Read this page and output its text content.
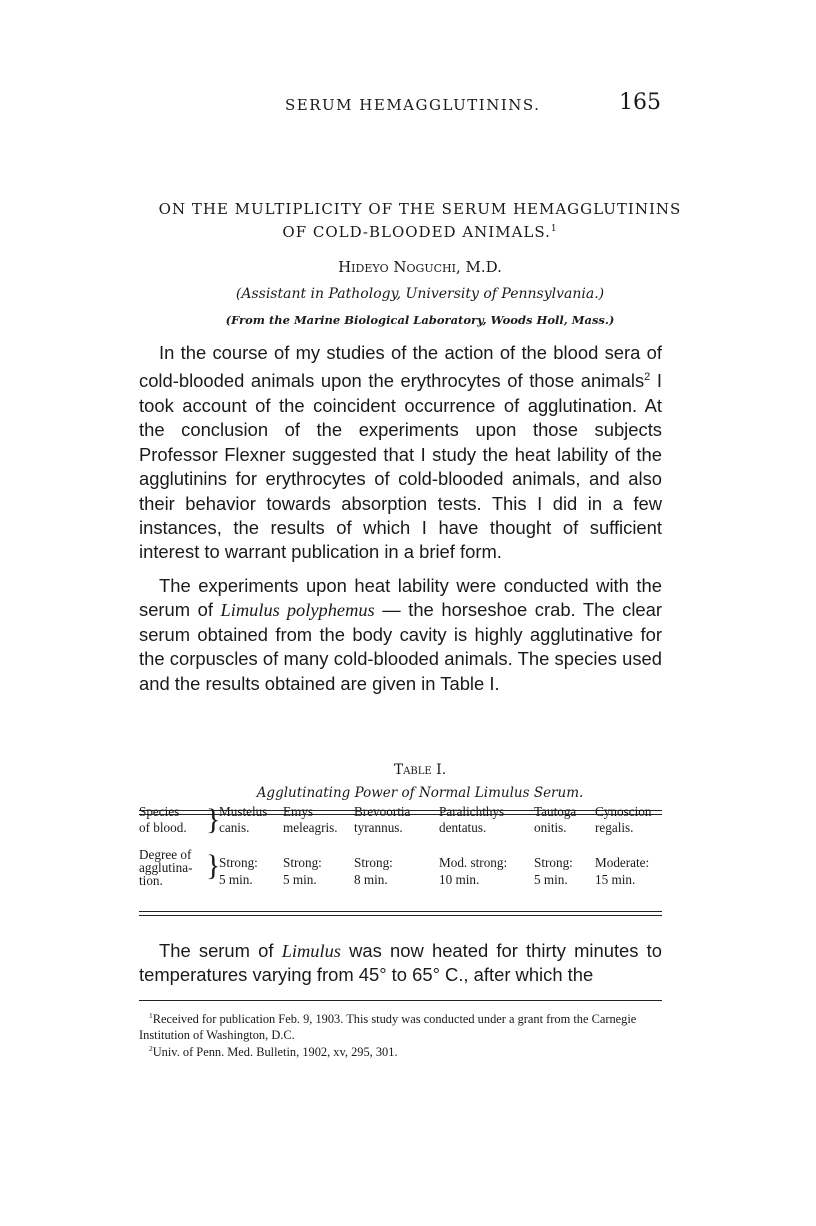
SERUM HEMAGGLUTININS.	165
ON THE MULTIPLICITY OF THE SERUM HEMAGGLUTININS
OF COLD-BLOODED ANIMALS.$^1$
Hideyo Noguchi, M.D.
(Assistant in Pathology, University of Pennsylvania.)
(From the Marine Biological Laboratory, Woods Holl, Mass.)

In the course of my studies of the action of the blood sera of cold-blooded animals upon the erythrocytes of those animals$^2$ I took account of the coincident occurrence of agglutination. At the conclusion of the experiments upon those subjects Professor Flexner suggested that I study the heat lability of the agglutinins for erythrocytes of cold-blooded animals, and also their behavior towards absorption tests. This I did in a few instances, the results of which I have thought of sufficient interest to warrant publication in a brief form.

The experiments upon heat lability were conducted with the serum of Limulus polyphemus — the horseshoe crab. The clear serum obtained from the body cavity is highly agglutinative for the corpuscles of many cold-blooded animals. The species used and the results obtained are given in Table I.

Table I.
Agglutinating Power of Normal Limulus Serum.
Species
of blood. }
Mustelus
canis.
Emys
meleagris.
Brevoortia
tyrannus.
Paralichthys
dentatus.
Tautoga
onitis.
Cynoscion
regalis.
Degree of
agglutina-
tion. }
Strong:
5 min.
Strong:
5 min.
Strong:
8 min.
Mod. strong:
10 min.
Strong:
5 min.
Moderate:
15 min.

The serum of Limulus was now heated for thirty minutes to temperatures varying from 45° to 65° C., after which the

$^1$Received for publication Feb. 9, 1903. This study was conducted under a grant from the Carnegie Institution of Washington, D.C.

$^2$Univ. of Penn. Med. Bulletin, 1902, xv, 295, 301.
